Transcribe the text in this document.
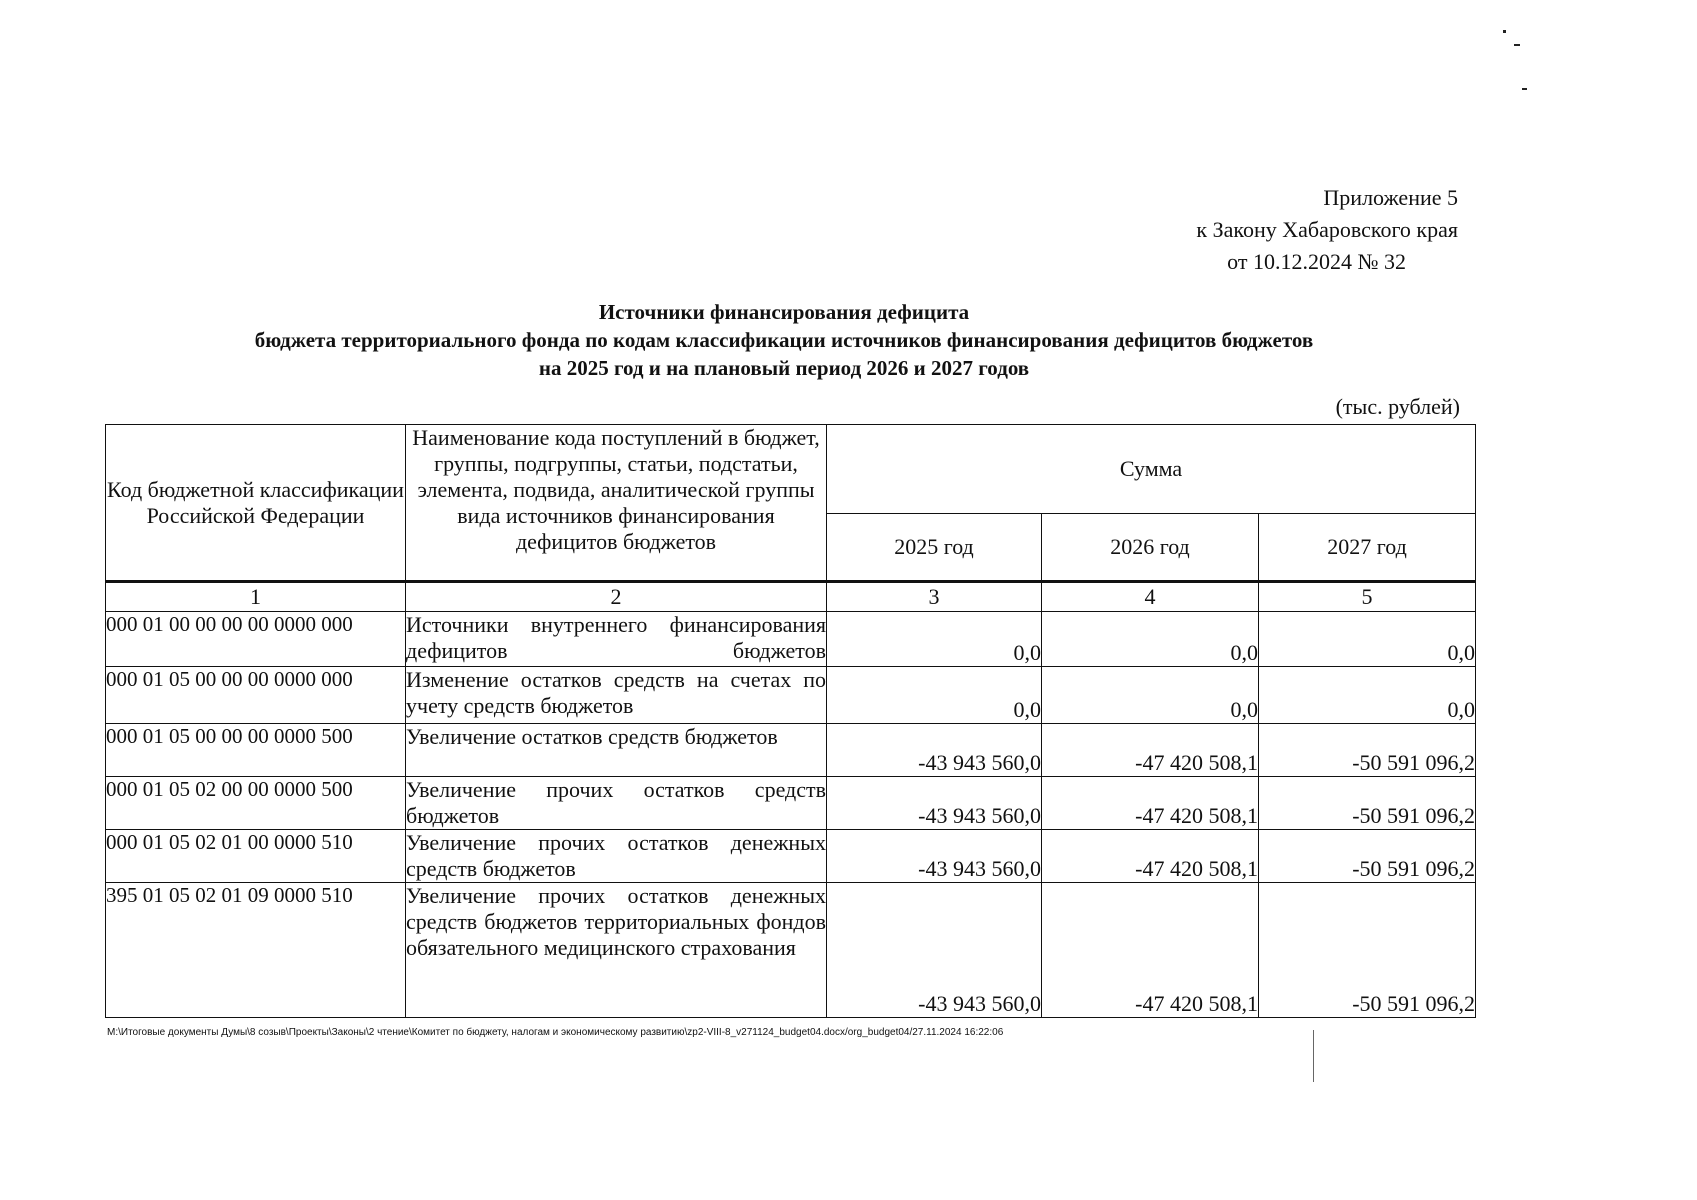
Приложение 5
к Закону Хабаровского края
от 10.12.2024 № 32
Источники финансирования дефицита
бюджета территориального фонда по кодам классификации источников финансирования дефицитов бюджетов
на 2025 год и на плановый период 2026 и 2027 годов
(тыс. рублей)
Код бюджетной классификации Российской Федерации	Наименование кода поступлений в бюджет, группы, подгруппы, статьи, подстатьи, элемента, подвида, аналитической группы вида источников финансирования дефицитов бюджетов	Сумма		
		2025 год	2026 год	2027 год
1	2	3	4	5
000 01 00 00 00 00 0000 000	Источники внутреннего финансирования дефицитов бюджетов	0,0	0,0	0,0
000 01 05 00 00 00 0000 000	Изменение остатков средств на счетах по учету средств бюджетов	0,0	0,0	0,0
000 01 05 00 00 00 0000 500	Увеличение остатков средств бюджетов	-43 943 560,0	-47 420 508,1	-50 591 096,2
000 01 05 02 00 00 0000 500	Увеличение прочих остатков средств бюджетов	-43 943 560,0	-47 420 508,1	-50 591 096,2
000 01 05 02 01 00 0000 510	Увеличение прочих остатков денежных средств бюджетов	-43 943 560,0	-47 420 508,1	-50 591 096,2
395 01 05 02 01 09 0000 510	Увеличение прочих остатков денежных средств бюджетов территориальных фондов обязательного медицинского страхования	-43 943 560,0	-47 420 508,1	-50 591 096,2
M:\Итоговые документы Думы\8 созыв\Проекты\Законы\2 чтение\Комитет по бюджету, налогам и экономическому развитию\zp2-VIII-8_v271124_budget04.docx/org_budget04/27.11.2024 16:22:06
